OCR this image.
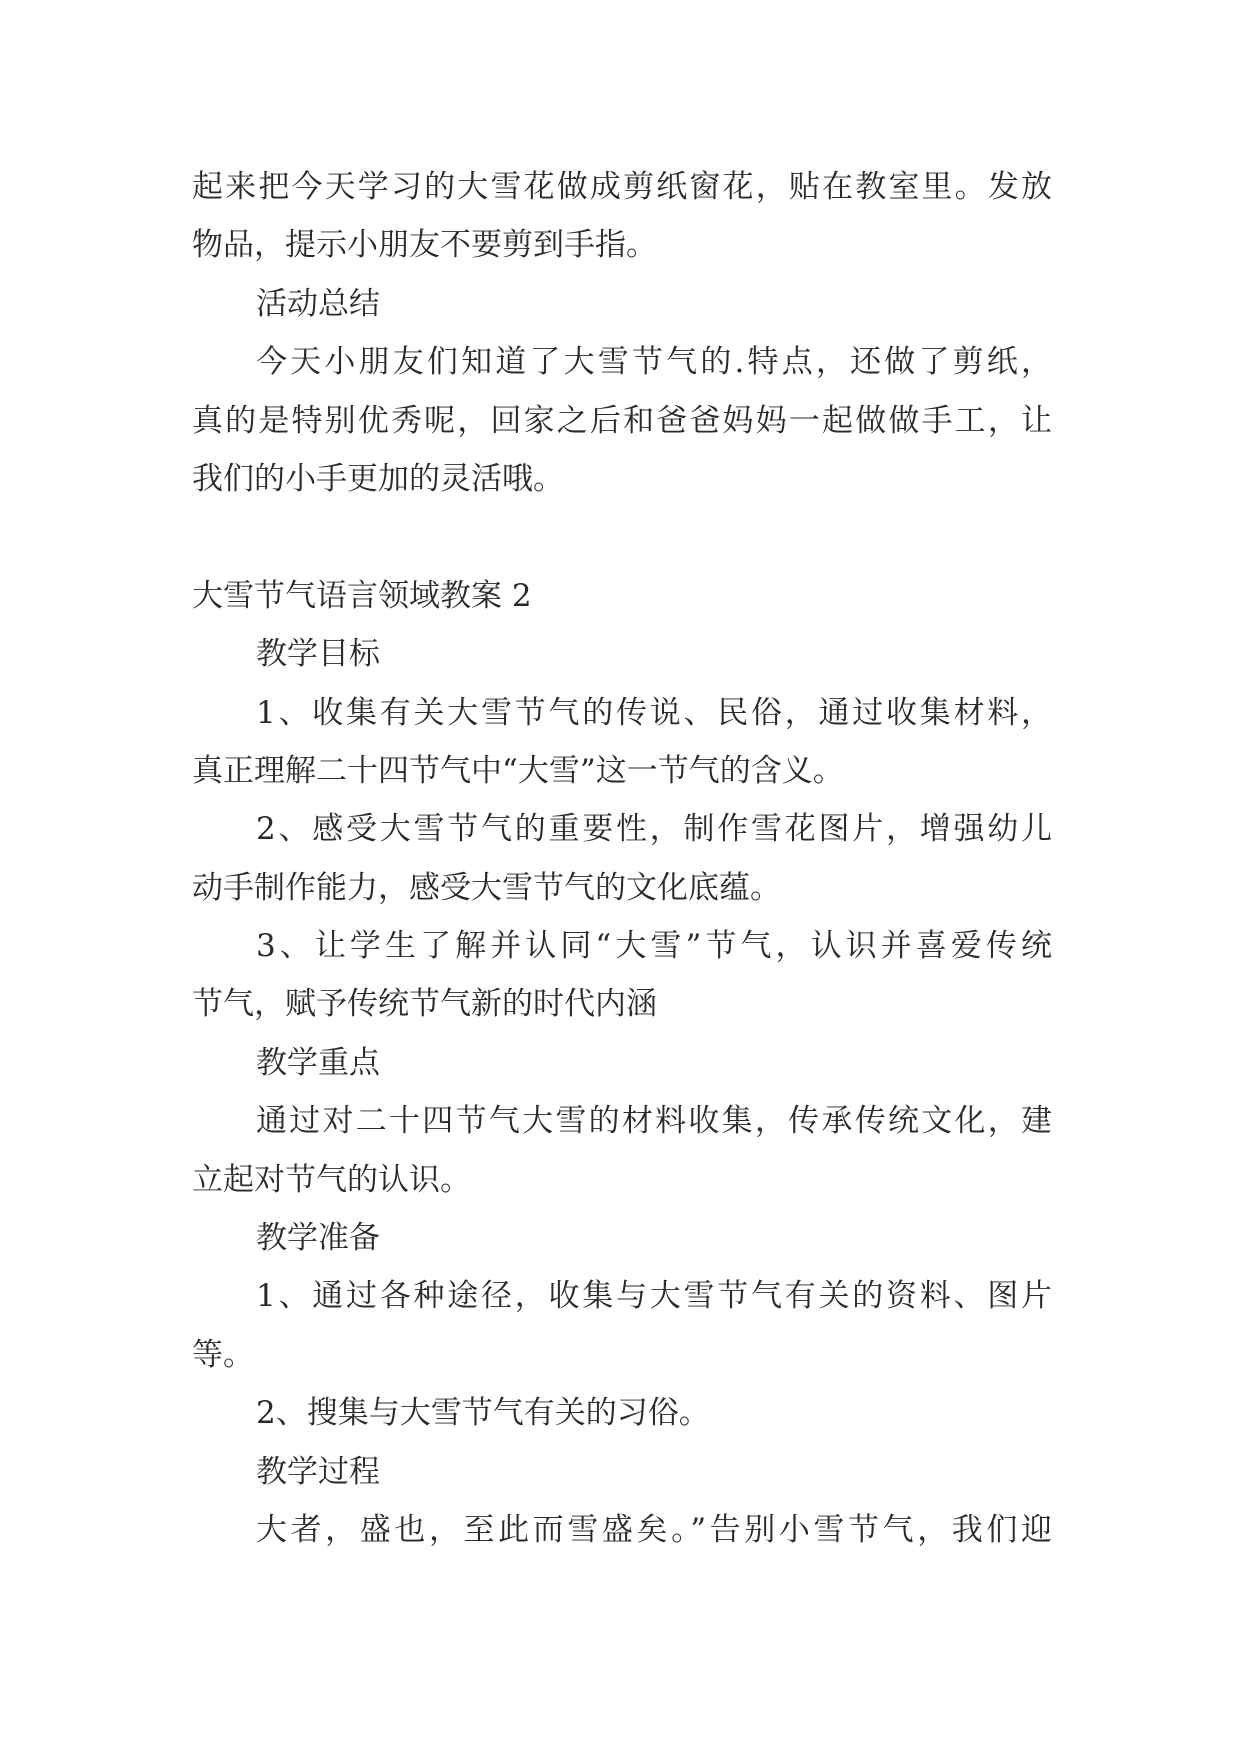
起来把今天学习的大雪花做成剪纸窗花，贴在教室里。发放
物品，提示小朋友不要剪到手指。
活动总结
今天小朋友们知道了大雪节气的.特点，还做了剪纸，
真的是特别优秀呢，回家之后和爸爸妈妈一起做做手工，让
我们的小手更加的灵活哦。
大雪节气语言领域教案 2
教学目标
1、收集有关大雪节气的传说、民俗，通过收集材料，
真正理解二十四节气中“大雪”这一节气的含义。
2、感受大雪节气的重要性，制作雪花图片，增强幼儿
动手制作能力，感受大雪节气的文化底蕴。
3、让学生了解并认同“大雪”节气，认识并喜爱传统
节气，赋予传统节气新的时代内涵
教学重点
通过对二十四节气大雪的材料收集，传承传统文化，建
立起对节气的认识。
教学准备
1、通过各种途径，收集与大雪节气有关的资料、图片
等。
2、搜集与大雪节气有关的习俗。
教学过程
大者，盛也，至此而雪盛矣。”告别小雪节气，我们迎
